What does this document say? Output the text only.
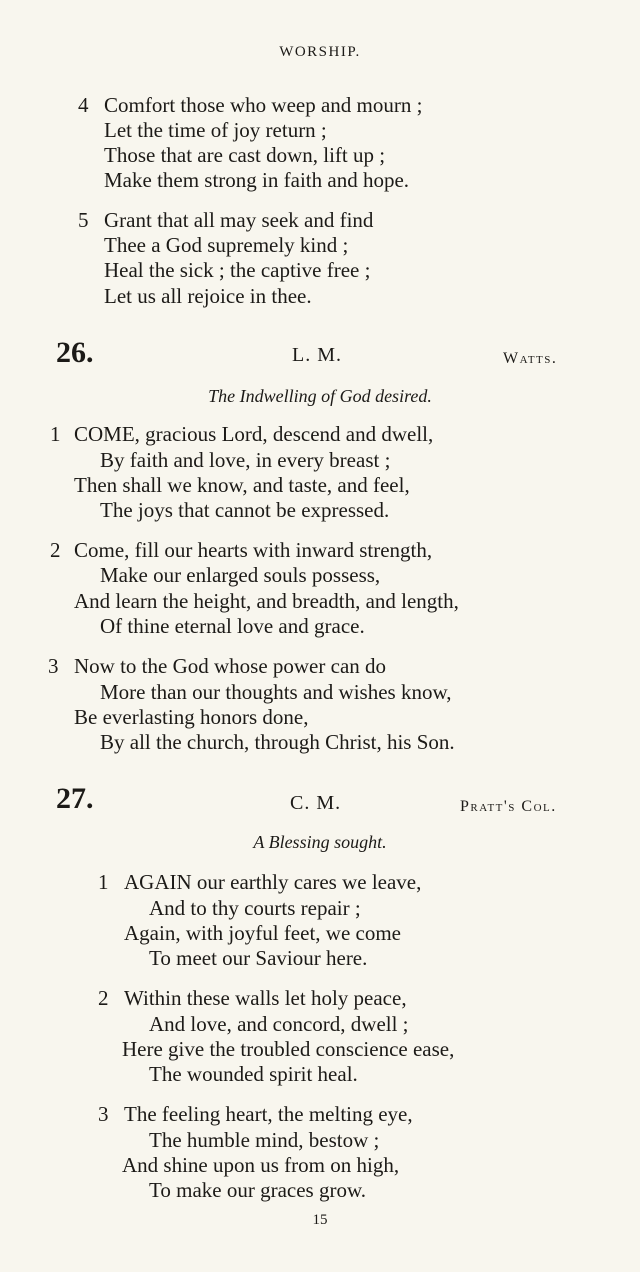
WORSHIP.
4 Comfort those who weep and mourn ;
Let the time of joy return ;
Those that are cast down, lift up ;
Make them strong in faith and hope.
5 Grant that all may seek and find
Thee a God supremely kind ;
Heal the sick ; the captive free ;
Let us all rejoice in thee.
26.	L. M.	Watts.
The Indwelling of God desired.
1 COME, gracious Lord, descend and dwell,
By faith and love, in every breast ;
Then shall we know, and taste, and feel,
The joys that cannot be expressed.
2 Come, fill our hearts with inward strength,
Make our enlarged souls possess,
And learn the height, and breadth, and length,
Of thine eternal love and grace.
3 Now to the God whose power can do
More than our thoughts and wishes know,
Be everlasting honors done,
By all the church, through Christ, his Son.
27.	C. M.	Pratt's Col.
A Blessing sought.
1 AGAIN our earthly cares we leave,
And to thy courts repair ;
Again, with joyful feet, we come
To meet our Saviour here.
2 Within these walls let holy peace,
And love, and concord, dwell ;
Here give the troubled conscience ease,
The wounded spirit heal.
3 The feeling heart, the melting eye,
The humble mind, bestow ;
And shine upon us from on high,
To make our graces grow.
15
